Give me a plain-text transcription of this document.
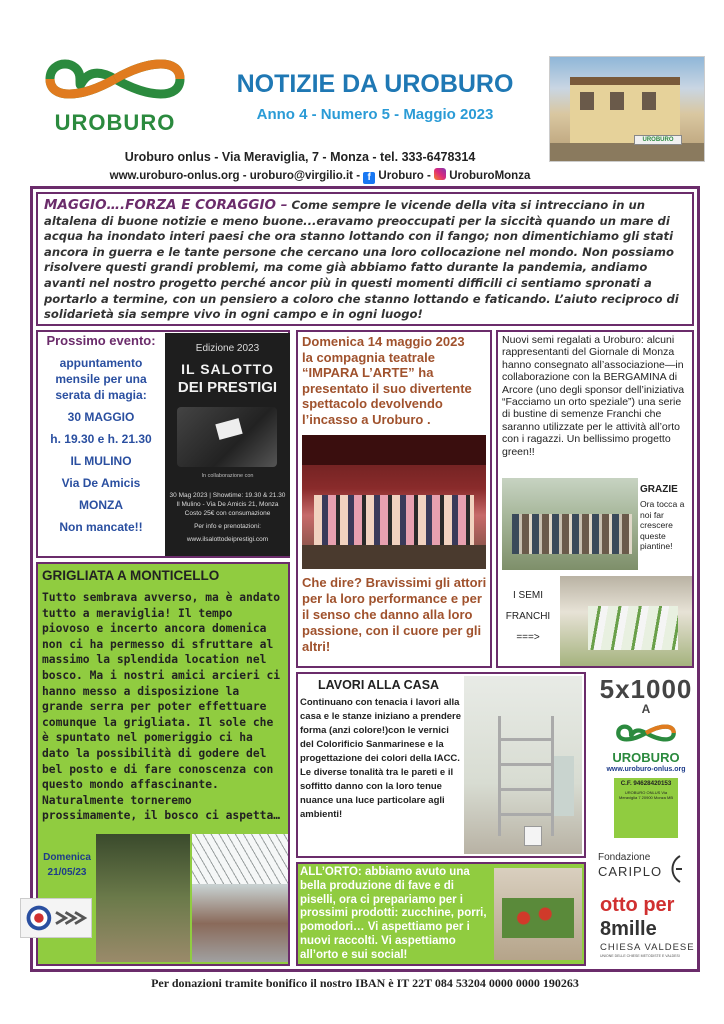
UROBURO
NOTIZIE DA UROBURO
Anno 4 - Numero 5 - Maggio 2023
UROBURO
Uroburo onlus - Via Meraviglia, 7 - Monza - tel. 333-6478314
www.uroburo-onlus.org - uroburo@virgilio.it - f Uroburo -  UroburoMonza
MAGGIO….FORZA E CORAGGIO – Come sempre le vicende della vita si intrecciano in un altalena di buone notizie e meno buone...eravamo preoccupati per la siccità quando un mare di acqua ha inondato interi paesi che ora stanno lottando con il fango; non dimentichiamo gli stati ancora in guerra e le tante persone che cercano una loro collocazione nel mondo. Non possiamo risolvere questi grandi problemi, ma come già abbiamo fatto durante la pandemia, andiamo avanti nel nostro progetto perché ancor più in questi momenti difficili ci sentiamo spronati a portarlo a termine, con un pensiero a coloro che stanno lottando e faticando. L’aiuto reciproco di solidarietà sia sempre vivo in ogni campo e in ogni luogo!
Prossimo evento:
appuntamento mensile per una serata di magia:
30 MAGGIO
h. 19.30 e h. 21.30
IL MULINO
Via De Amicis
MONZA
Non mancate!!
Edizione 2023
IL SALOTTO
DEI PRESTIGI
In collaborazione con
30 Mag 2023 | Showtime: 19.30 & 21.30
Il Mulino - Via De Amicis 21, Monza
Costo 25€ con consumazione
Per info e prenotazioni:
www.ilsalottodeiprestigi.com
Domenica 14 maggio 2023
la compagnia teatrale “IMPARA L’ARTE” ha presentato il suo divertente spettacolo devolvendo l’incasso a Uroburo .
Che dire? Bravissimi gli attori per la loro performance e per il senso che danno alla loro passione, con il cuore per gli altri!
Nuovi semi regalati a Uroburo: alcuni rappresentanti del Giornale di Monza hanno consegnato all’associazione—in collaborazione con la BERGAMINA di Arcore (uno degli sponsor dell’iniziativa “Facciamo un orto speziale”) una serie di bustine di semenze Franchi che saranno utilizzate per le attività all’orto con i ragazzi. Un bellissimo progetto green!!
GRAZIE
Ora tocca a noi far crescere queste piantine!
I SEMI
FRANCHI
===>
GRIGLIATA A MONTICELLO
Tutto sembrava avverso, ma è andato tutto a meraviglia! Il tempo piovoso e incerto ancora domenica non ci ha permesso di sfruttare al massimo la splendida location nel bosco. Ma i nostri amici arcieri ci hanno messo a disposizione la grande serra per poter effettuare comunque la grigliata. Il sole che è spuntato nel pomeriggio ci ha dato la possibilità di godere del bel posto e di fare conoscenza con questo mondo affascinante. Naturalmente torneremo prossimamente, il bosco ci aspetta…
Domenica
21/05/23
LAVORI ALLA CASA
Continuano con tenacia i lavori alla casa e le stanze iniziano a prendere forma (anzi colore!)con le vernici del Colorificio Sanmarinese e la progettazione dei colori della IACC. Le diverse tonalità tra le pareti e il soffitto danno con la loro tenue nuance una luce particolare agli ambienti!
ALL’ORTO: abbiamo avuto una bella produzione di fave e di piselli, ora ci prepariamo per i prossimi prodotti: zucchine, porri, pomodori… Vi aspettiamo per i nuovi raccolti. Vi aspettiamo all’orto e sui social!
5x1000
A
UROBURO
www.uroburo-onlus.org
C.F. 94628420153
UROBURO ONLUS Via Meraviglia 7 20900 Monza MB
Fondazione
CARIPLO
otto per
8mille
CHIESA VALDESE
UNIONE DELLE CHIESE METODISTE E VALDESI
Per donazioni tramite bonifico il nostro IBAN è IT 22T 084 53204 0000 0000 190263
